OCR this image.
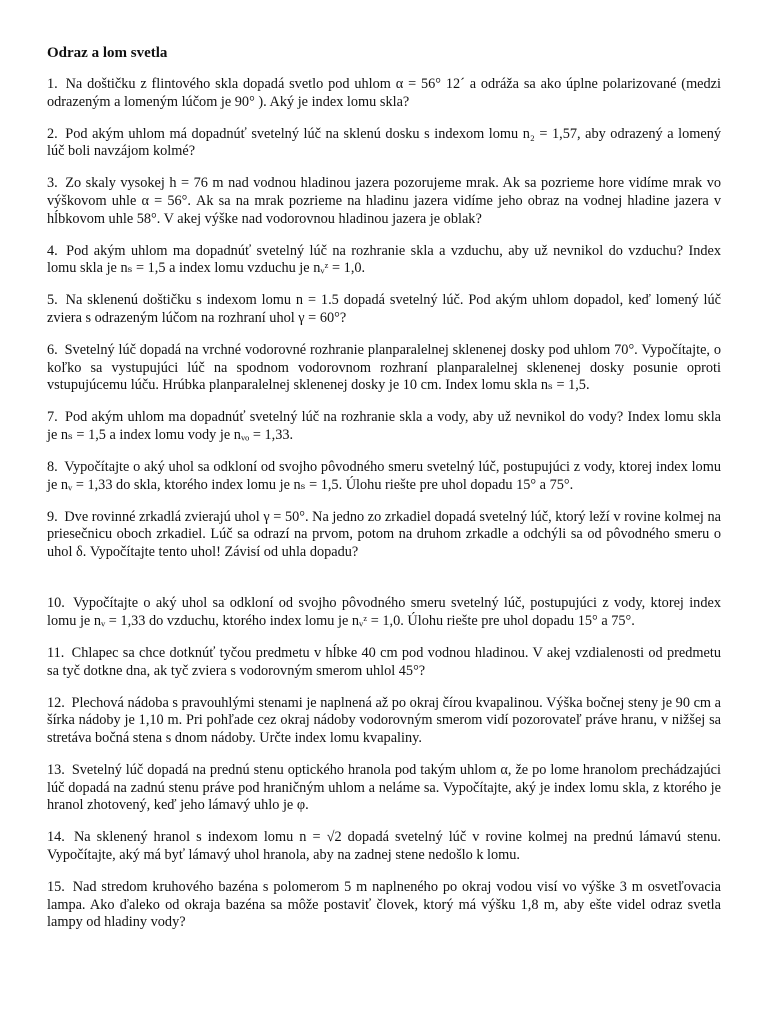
Odraz a lom svetla
1. Na doštičku z flintového skla dopadá svetlo pod uhlom α = 56° 12´ a odráža sa ako úplne polarizované (medzi odrazeným a lomeným lúčom je 90° ). Aký je index lomu skla?
2. Pod akým uhlom má dopadnúť svetelný lúč na sklenú dosku s indexom lomu n₂ = 1,57, aby odrazený a lomený lúč boli navzájom kolmé?
3. Zo skaly vysokej h = 76 m nad vodnou hladinou jazera pozorujeme mrak. Ak sa pozrieme hore vidíme mrak vo výškovom uhle α = 56°. Ak sa na mrak pozrieme na hladinu jazera vidíme jeho obraz na vodnej hladine jazera v hĺbkovom uhle 58°. V akej výške nad vodorovnou hladinou jazera je oblak?
4. Pod akým uhlom ma dopadnúť svetelný lúč na rozhranie skla a vzduchu, aby už nevnikol do vzduchu? Index lomu skla je nₛ = 1,5 a index lomu vzduchu je nᵥᶻ = 1,0.
5. Na sklenenú doštičku s indexom lomu n = 1.5 dopadá svetelný lúč. Pod akým uhlom dopadol, keď lomený lúč zviera s odrazeným lúčom na rozhraní uhol γ = 60°?
6. Svetelný lúč dopadá na vrchné vodorovné rozhranie planparalelnej sklenenej dosky pod uhlom 70°. Vypočítajte, o koľko sa vystupujúci lúč na spodnom vodorovnom rozhraní planparalelnej sklenenej dosky posunie oproti vstupujúcemu lúču. Hrúbka planparalelnej sklenenej dosky je 10 cm. Index lomu skla nₛ = 1,5.
7. Pod akým uhlom ma dopadnúť svetelný lúč na rozhranie skla a vody, aby už nevnikol do vody? Index lomu skla je nₛ = 1,5 a index lomu vody je nᵥₒ = 1,33.
8. Vypočítajte o aký uhol sa odkloní od svojho pôvodného smeru svetelný lúč, postupujúci z vody, ktorej index lomu je nᵥ = 1,33 do skla, ktorého index lomu je nₛ = 1,5. Úlohu riešte pre uhol dopadu 15° a 75°.
9. Dve rovinné zrkadlá zvierajú uhol γ = 50°. Na jedno zo zrkadiel dopadá svetelný lúč, ktorý leží v rovine kolmej na priesečnicu oboch zrkadiel. Lúč sa odrazí na prvom, potom na druhom zrkadle a odchýli sa od pôvodného smeru o uhol δ. Vypočítajte tento uhol! Závisí od uhla dopadu?
10. Vypočítajte o aký uhol sa odkloní od svojho pôvodného smeru svetelný lúč, postupujúci z vody, ktorej index lomu je nᵥ = 1,33 do vzduchu, ktorého index lomu je nᵥᶻ = 1,0. Úlohu riešte pre uhol dopadu 15° a 75°.
11. Chlapec sa chce dotknúť tyčou predmetu v hĺbke 40 cm pod vodnou hladinou. V akej vzdialenosti od predmetu sa tyč dotkne dna, ak tyč zviera s vodorovným smerom uhlol 45°?
12. Plechová nádoba s pravouhlými stenami je naplnená až po okraj čírou kvapalinou. Výška bočnej steny je 90 cm a šírka nádoby je 1,10 m. Pri pohľade cez okraj nádoby vodorovným smerom vidí pozorovateľ práve hranu, v nižšej sa stretáva bočná stena s dnom nádoby. Určte index lomu kvapaliny.
13. Svetelný lúč dopadá na prednú stenu optického hranola pod takým uhlom α, že po lome hranolom prechádzajúci lúč dopadá na zadnú stenu práve pod hraničným uhlom a neláme sa. Vypočítajte, aký je index lomu skla, z ktorého je hranol zhotovený, keď jeho lámavý uhlo je φ.
14. Na sklenený hranol s indexom lomu n = √2 dopadá svetelný lúč v rovine kolmej na prednú lámavú stenu. Vypočítajte, aký má byť lámavý uhol hranola, aby na zadnej stene nedošlo k lomu.
15. Nad stredom kruhového bazéna s polomerom 5 m naplneného po okraj vodou visí vo výške 3 m osvetľovacia lampa. Ako ďaleko od okraja bazéna sa môže postaviť človek, ktorý má výšku 1,8 m, aby ešte videl odraz svetla lampy od hladiny vody?
